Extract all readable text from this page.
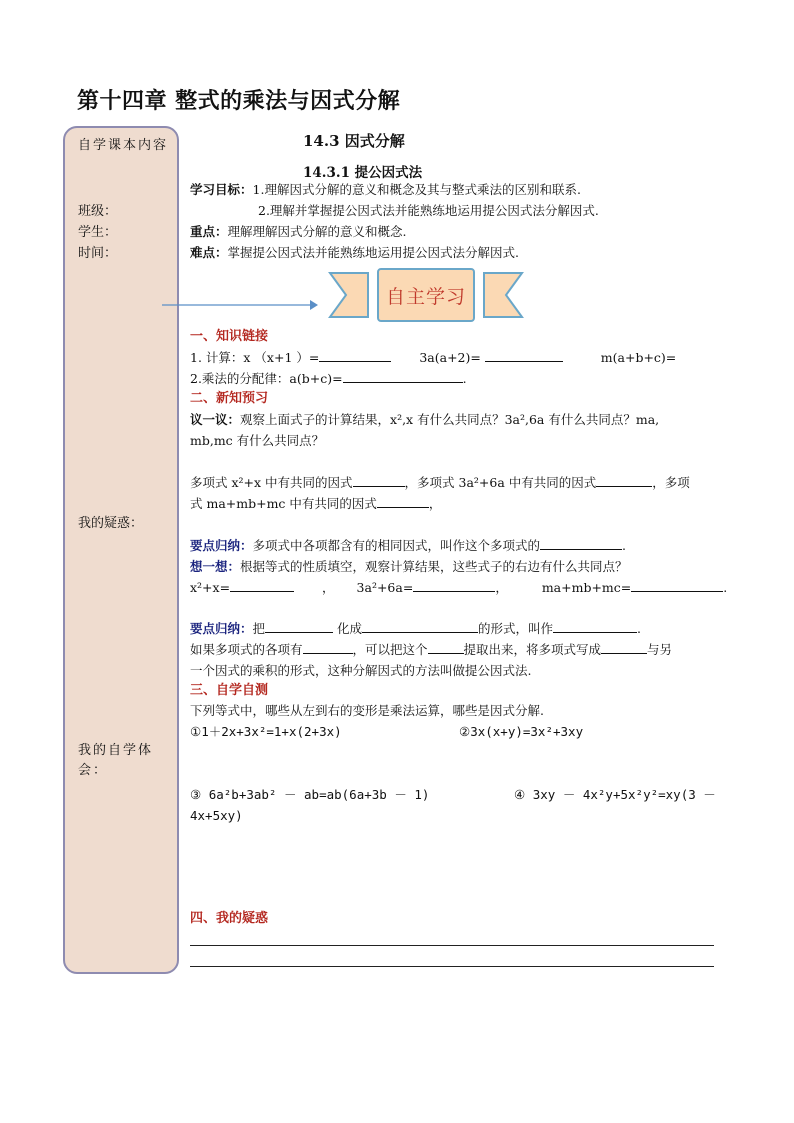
第十四章 整式的乘法与因式分解
自学课本内容
班级：
学生：
时间：
我的疑惑：
我的自学体会：
14.3 因式分解
14.3.1 提公因式法
学习目标：1.理解因式分解的意义和概念及其与整式乘法的区别和联系.
2.理解并掌握提公因式法并能熟练地运用提公因式法分解因式.
重点：理解理解因式分解的意义和概念.
难点：掌握提公因式法并能熟练地运用提公因式法分解因式.
自主学习
一、知识链接
1. 计算：x （x+1 ）=	3a(a+2)=	m(a+b+c)=
2.乘法的分配律：a(b+c)=	.
二、新知预习
议一议：观察上面式子的计算结果，x²,x 有什么共同点？3a²,6a 有什么共同点？ma,
mb,mc 有什么共同点？
多项式 x²+x 中有共同的因式	，多项式 3a²+6a 中有共同的因式	，多项
式 ma+mb+mc 中有共同的因式	，
要点归纳：多项式中各项都含有的相同因式，叫作这个多项式的	.
想一想：根据等式的性质填空，观察计算结果，这些式子的右边有什么共同点？
x²+x=	， 3a²+6a=	，	ma+mb+mc=	.
要点归纳：把	化成	的形式，叫作	.
如果多项式的各项有	，可以把这个	提取出来，将多项式写成	与另
一个因式的乘积的形式，这种分解因式的方法叫做提公因式法.
三、自学自测
下列等式中，哪些从左到右的变形是乘法运算，哪些是因式分解.
①1＋2x+3x²=1+x(2+3x)	②3x(x+y)=3x²+3xy
③ 6a²b+3ab² － ab=ab(6a+3b － 1)	④ 3xy － 4x²y+5x²y²=xy(3 －
4x+5xy)
四、我的疑惑
